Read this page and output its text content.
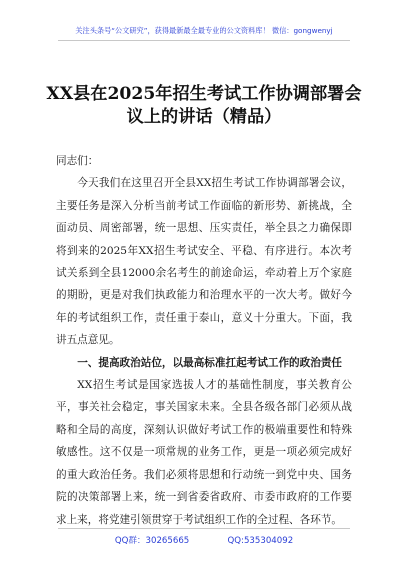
关注头条号“公文研究”，获得最新最全最专业的公文资料库！ 微信：gongwenyj
XX县在2025年招生考试工作协调部署会议上的讲话（精品）

同志们：

今天我们在这里召开全县XX招生考试工作协调部署会议，主要任务是深入分析当前考试工作面临的新形势、新挑战，全面动员、周密部署，统一思想、压实责任，举全县之力确保即将到来的2025年XX招生考试安全、平稳、有序进行。本次考试关系到全县12000余名考生的前途命运，牵动着上万个家庭的期盼，更是对我们执政能力和治理水平的一次大考。做好今年的考试组织工作，责任重于泰山，意义十分重大。下面，我讲五点意见。

一、提高政治站位，以最高标准扛起考试工作的政治责任

XX招生考试是国家选拔人才的基础性制度，事关教育公平，事关社会稳定，事关国家未来。全县各级各部门必须从战略和全局的高度，深刻认识做好考试工作的极端重要性和特殊敏感性。这不仅是一项常规的业务工作，更是一项必须完成好的重大政治任务。我们必须将思想和行动统一到党中央、国务院的决策部署上来，统一到省委省政府、市委市政府的工作要求上来，将党建引领贯穿于考试组织工作的全过程、各环节。

QQ群：30265665	QQ:535304092
